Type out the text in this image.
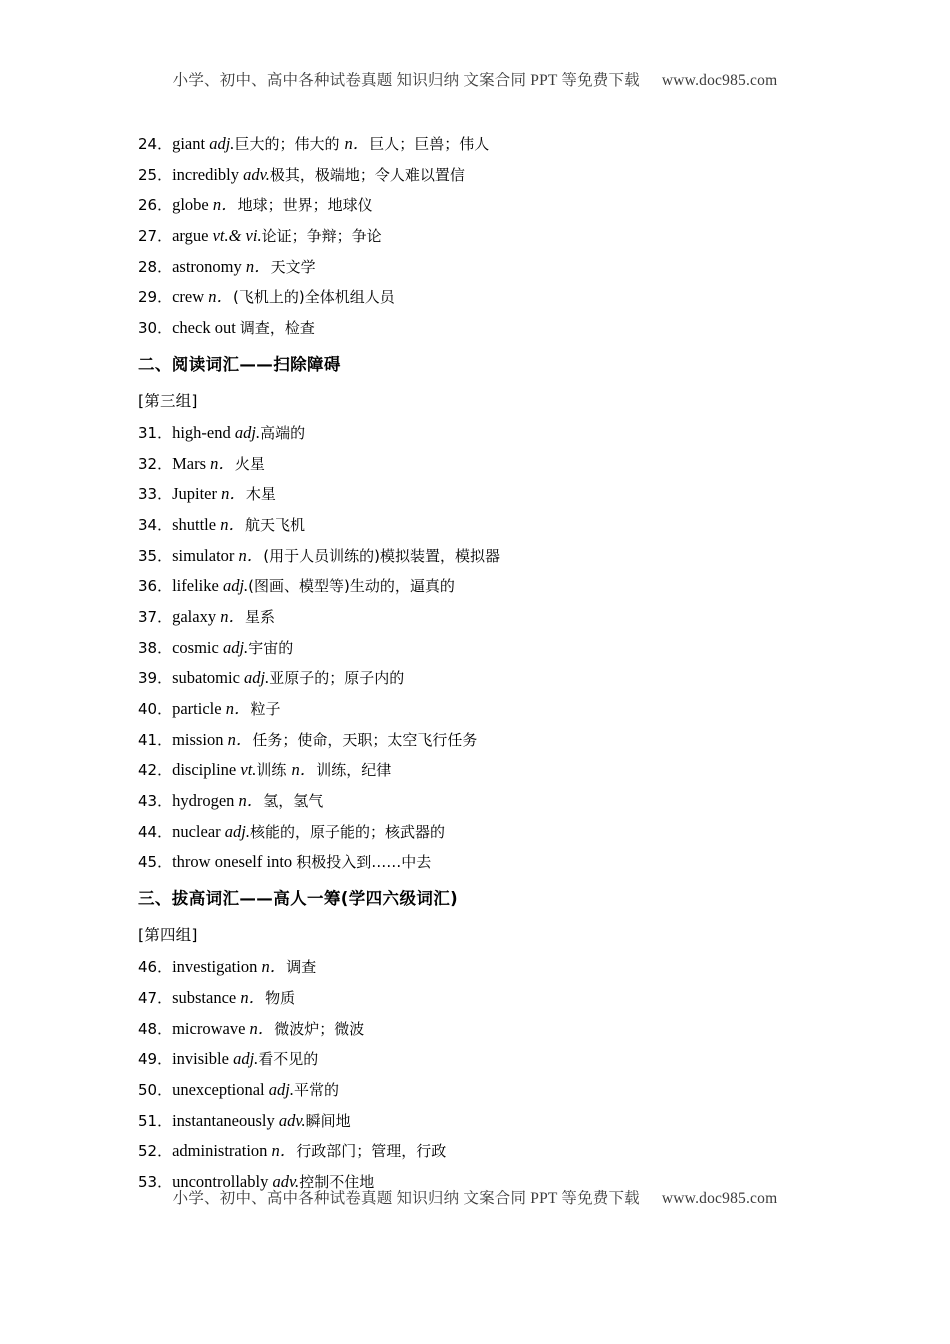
小学、初中、高中各种试卷真题 知识归纳 文案合同 PPT 等免费下载 www.doc985.com
24．giant adj.巨大的；伟大的 n．巨人；巨兽；伟人
25．incredibly adv.极其，极端地；令人难以置信
26．globe n．地球；世界；地球仪
27．argue vt.& vi.论证；争辩；争论
28．astronomy n．天文学
29．crew n．(飞机上的)全体机组人员
30．check out 调查，检查
二、阅读词汇——扫除障碍
[第三组]
31．high-end adj.高端的
32．Mars n．火星
33．Jupiter n．木星
34．shuttle n．航天飞机
35．simulator n．(用于人员训练的)模拟装置，模拟器
36．lifelike adj.(图画、模型等)生动的，逼真的
37．galaxy n．星系
38．cosmic adj.宇宙的
39．subatomic adj.亚原子的；原子内的
40．particle n．粒子
41．mission n．任务；使命，天职；太空飞行任务
42．discipline vt.训练 n．训练，纪律
43．hydrogen n．氢，氢气
44．nuclear adj.核能的，原子能的；核武器的
45．throw oneself into 积极投入到……中去
三、拔高词汇——高人一筹(学四六级词汇)
[第四组]
46．investigation n．调查
47．substance n．物质
48．microwave n．微波炉；微波
49．invisible adj.看不见的
50．unexceptional adj.平常的
51．instantaneously adv.瞬间地
52．administration n．行政部门；管理，行政
53．uncontrollably adv.控制不住地
小学、初中、高中各种试卷真题 知识归纳 文案合同 PPT 等免费下载 www.doc985.com
